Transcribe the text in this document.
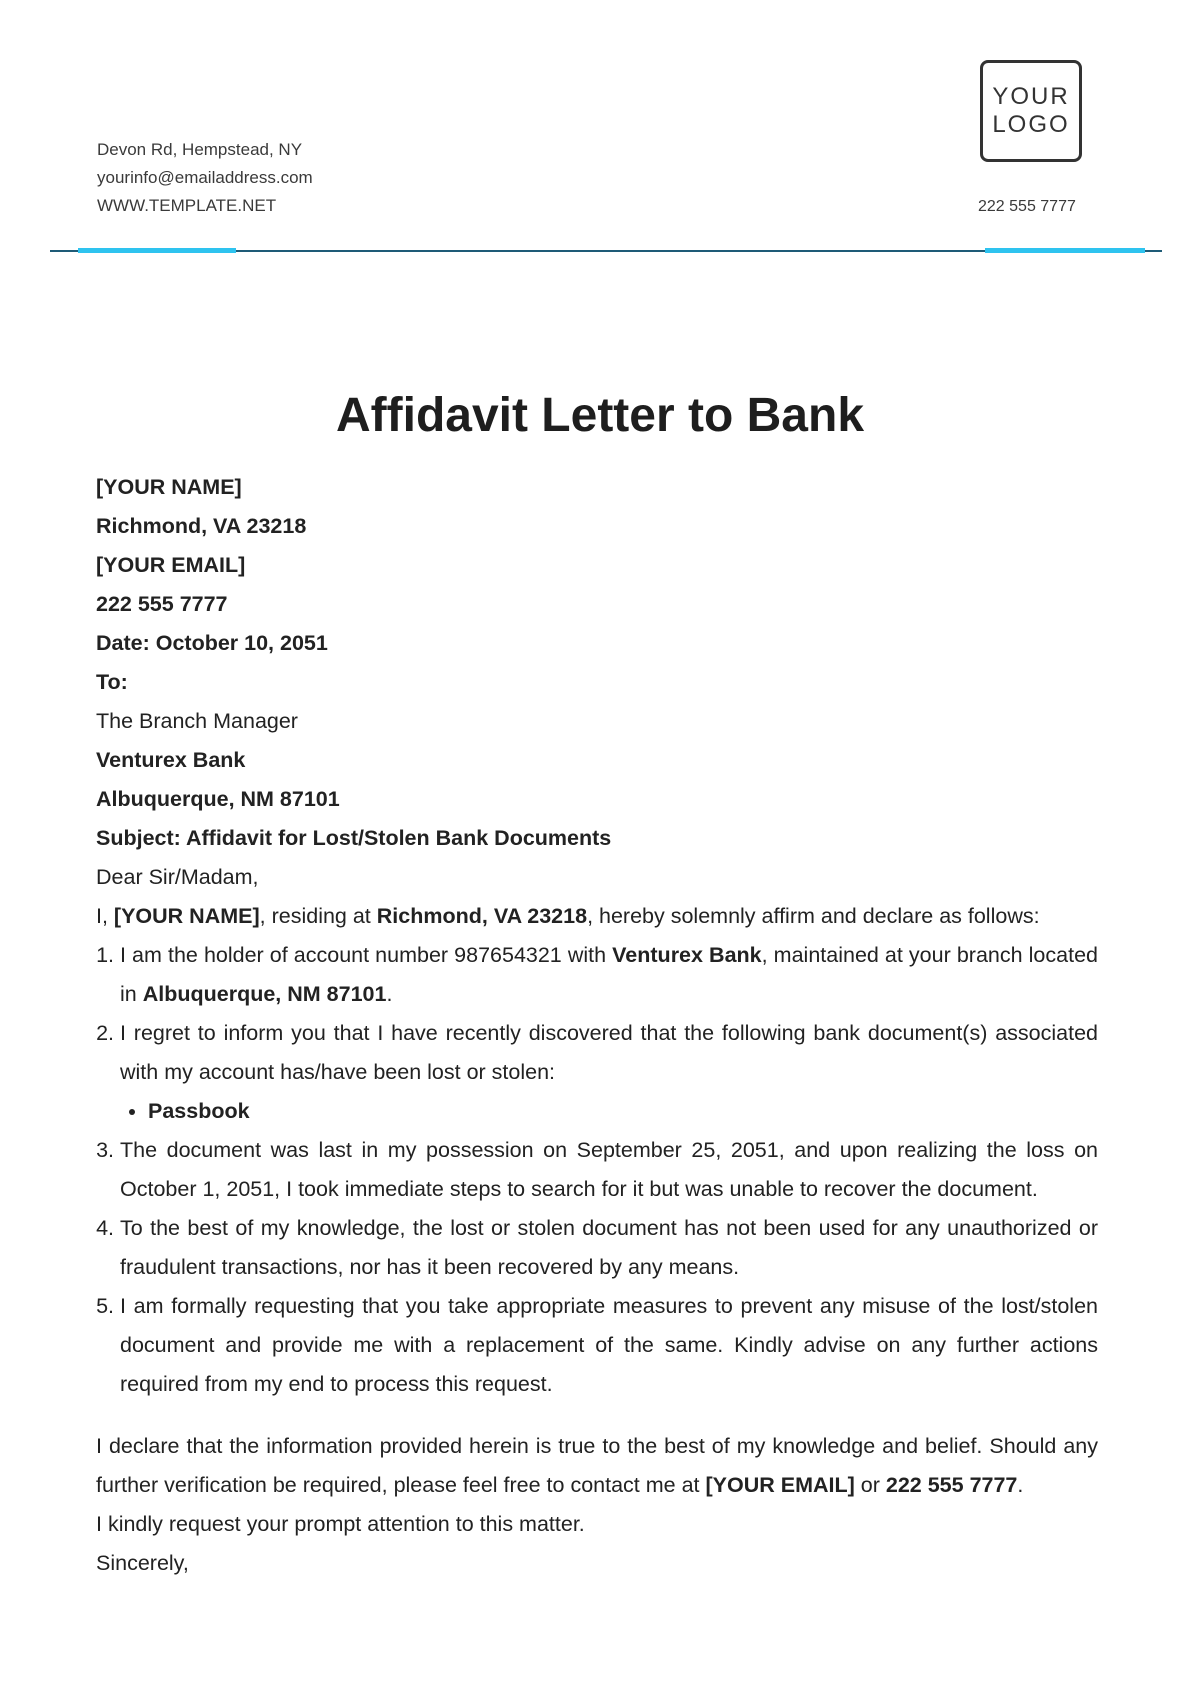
Devon Rd, Hempstead, NY
yourinfo@emailaddress.com
WWW.TEMPLATE.NET
YOUR
LOGO
222 555 7777
Affidavit Letter to Bank
[YOUR NAME]
Richmond, VA 23218
[YOUR EMAIL]
222 555 7777
Date: October 10, 2051
To:
The Branch Manager
Venturex Bank
Albuquerque, NM 87101
Subject: Affidavit for Lost/Stolen Bank Documents
Dear Sir/Madam,
I, [YOUR NAME], residing at Richmond, VA 23218, hereby solemnly affirm and declare as follows:
1. I am the holder of account number 987654321 with Venturex Bank, maintained at your branch located in Albuquerque, NM 87101.
2. I regret to inform you that I have recently discovered that the following bank document(s) associated with my account has/have been lost or stolen:
• Passbook
3. The document was last in my possession on September 25, 2051, and upon realizing the loss on October 1, 2051, I took immediate steps to search for it but was unable to recover the document.
4. To the best of my knowledge, the lost or stolen document has not been used for any unauthorized or fraudulent transactions, nor has it been recovered by any means.
5. I am formally requesting that you take appropriate measures to prevent any misuse of the lost/stolen document and provide me with a replacement of the same. Kindly advise on any further actions required from my end to process this request.
I declare that the information provided herein is true to the best of my knowledge and belief. Should any further verification be required, please feel free to contact me at [YOUR EMAIL] or 222 555 7777.
I kindly request your prompt attention to this matter.
Sincerely,
